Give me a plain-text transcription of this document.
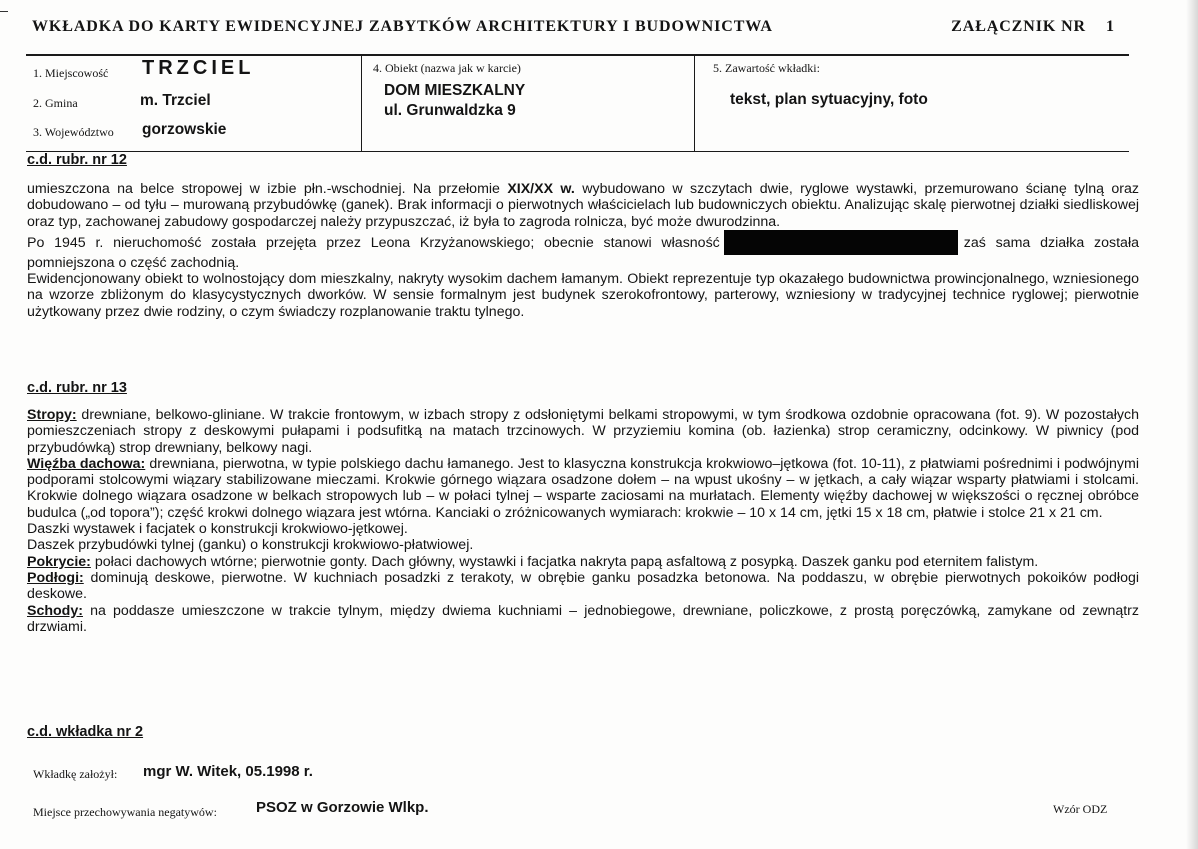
WKŁADKA DO KARTY EWIDENCYJNEJ ZABYTKÓW ARCHITEKTURY I BUDOWNICTWA	ZAŁĄCZNIK NR 1
1. Miejscowość TRZCIEL
2. Gmina	m. Trzciel
3. Województwo gorzowskie
4. Obiekt (nazwa jak w karcie)
DOM MIESZKALNY
ul. Grunwaldzka 9
5. Zawartość wkładki:
tekst, plan sytuacyjny, foto
c.d. rubr. nr 12

umieszczona na belce stropowej w izbie płn.-wschodniej. Na przełomie XIX/XX w. wybudowano w szczytach dwie, ryglowe wystawki, przemurowano ścianę tylną oraz dobudowano – od tyłu – murowaną przybudówkę (ganek). Brak informacji o pierwotnych właścicielach lub budowniczych obiektu. Analizując skalę pierwotnej działki siedliskowej oraz typ, zachowanej zabudowy gospodarczej należy przypuszczać, iż była to zagroda rolnicza, być może dwurodzinna.

Po 1945 r. nieruchomość została przejęta przez Leona Krzyżanowskiego; obecnie stanowi własność	zaś sama działka została pomniejszona o część zachodnią.

Ewidencjonowany obiekt to wolnostojący dom mieszkalny, nakryty wysokim dachem łamanym. Obiekt reprezentuje typ okazałego budownictwa prowincjonalnego, wzniesionego na wzorze zbliżonym do klasycystycznych dworków. W sensie formalnym jest budynek szerokofrontowy, parterowy, wzniesiony w tradycyjnej technice ryglowej; pierwotnie użytkowany przez dwie rodziny, o czym świadczy rozplanowanie traktu tylnego.

c.d. rubr. nr 13

Stropy: drewniane, belkowo-gliniane. W trakcie frontowym, w izbach stropy z odsłoniętymi belkami stropowymi, w tym środkowa ozdobnie opracowana (fot. 9). W pozostałych pomieszczeniach stropy z deskowymi pułapami i podsufitką na matach trzcinowych. W przyziemiu komina (ob. łazienka) strop ceramiczny, odcinkowy. W piwnicy (pod przybudówką) strop drewniany, belkowy nagi.

Więźba dachowa: drewniana, pierwotna, w typie polskiego dachu łamanego. Jest to klasyczna konstrukcja krokwiowo–jętkowa (fot. 10-11), z płatwiami pośrednimi i podwójnymi podporami stolcowymi wiązary stabilizowane mieczami. Krokwie górnego wiązara osadzone dołem – na wpust ukośny – w jętkach, a cały wiązar wsparty płatwiami i stolcami. Krokwie dolnego wiązara osadzone w belkach stropowych lub – w połaci tylnej – wsparte zaciosami na murłatach. Elementy więźby dachowej w większości o ręcznej obróbce budulca („od topora”); część krokwi dolnego wiązara jest wtórna. Kanciaki o zróżnicowanych wymiarach: krokwie – 10 x 14 cm, jętki 15 x 18 cm, płatwie i stolce 21 x 21 cm.

Daszki wystawek i facjatek o konstrukcji krokwiowo-jętkowej.

Daszek przybudówki tylnej (ganku) o konstrukcji krokwiowo-płatwiowej.

Pokrycie: połaci dachowych wtórne; pierwotnie gonty. Dach główny, wystawki i facjatka nakryta papą asfaltową z posypką. Daszek ganku pod eternitem falistym.

Podłogi: dominują deskowe, pierwotne. W kuchniach posadzki z terakoty, w obrębie ganku posadzka betonowa. Na poddaszu, w obrębie pierwotnych pokoików podłogi deskowe.

Schody: na poddasze umieszczone w trakcie tylnym, między dwiema kuchniami – jednobiegowe, drewniane, policzkowe, z prostą poręczówką, zamykane od zewnątrz drzwiami.

c.d. wkładka nr 2
Wkładkę założył: mgr W. Witek, 05.1998 r.
Miejsce przechowywania negatywów:	PSOZ w Gorzowie Wlkp.	Wzór ODZ
